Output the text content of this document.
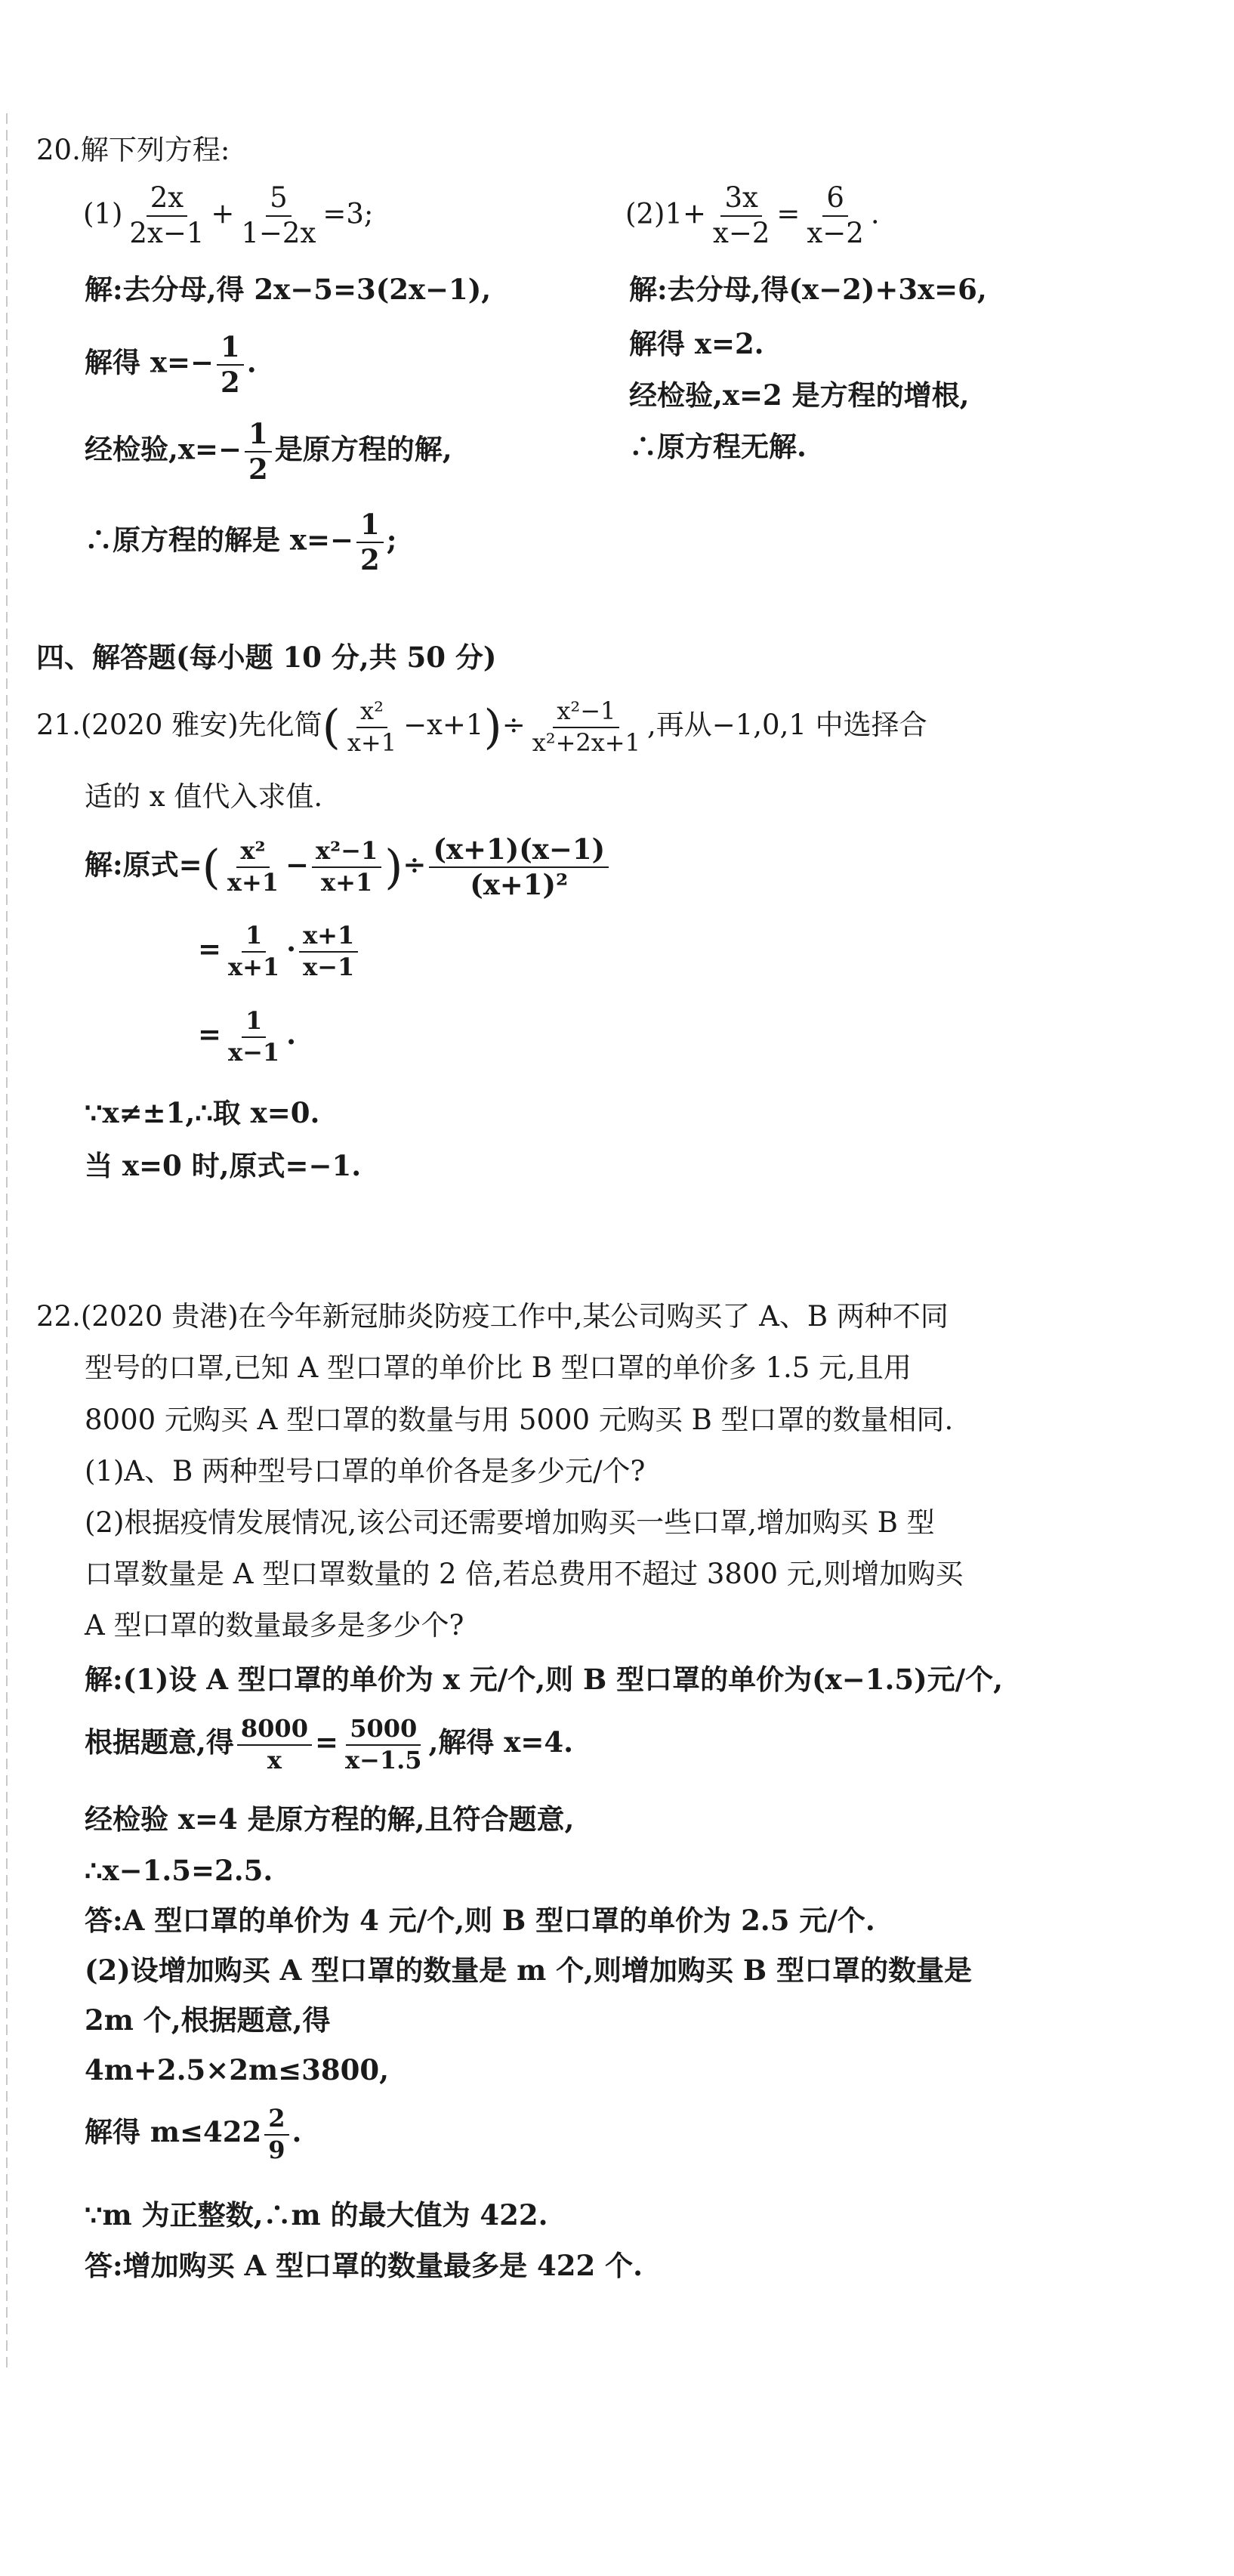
20.解下列方程:
$(1) \frac{2x}{2x-1} + \frac{5}{1-2x} =3$;	$(2)1+ \frac{3x}{x-2} = \frac{6}{x-2}$ .
解:去分母,得 2x−5=3(2x−1),
解得 $x=- \frac{1}{2}$ .
经检验$,x=- \frac{1}{2}$ 是原方程的解,
∴原方程的解是 $x=- \frac{1}{2}$ ;
解:去分母,得(x−2)+3x=6,
解得 x=2.
经检验,x=2 是方程的增根,
∴原方程无解.
四、解答题(每小题 10 分,共 50 分)
21.(2020 雅安)先化简( $\frac{\text{x²}}{x+1} -x+1)\div \frac{\text{x²−1}}{\text{x²+2x+1}}$ ,再从−1,0,1 中选择合
适的 x 值代入求值.
解:原式=( $\frac{\text{x²}}{x+1} - \frac{\text{x²−1}}{x+1}$ )÷ $\frac{(x+1)(x-1)}{\text{(x+1)²}}$
= $\frac{1}{x+1} \cdot \frac{x+1}{x-1}$
= $\frac{1}{x-1}$ .
∵x≠±1,∴取 x=0.
当 x=0 时,原式=−1.
22.(2020 贵港)在今年新冠肺炎防疫工作中,某公司购买了 A、B 两种不同
型号的口罩,已知 A 型口罩的单价比 B 型口罩的单价多 1.5 元,且用
8000 元购买 A 型口罩的数量与用 5000 元购买 B 型口罩的数量相同.
(1)A、B 两种型号口罩的单价各是多少元/个?
(2)根据疫情发展情况,该公司还需要增加购买一些口罩,增加购买 B 型
口罩数量是 A 型口罩数量的 2 倍,若总费用不超过 3800 元,则增加购买
A 型口罩的数量最多是多少个?
解:(1)设 A 型口罩的单价为 x 元/个,则 B 型口罩的单价为(x−1.5)元/个,
根据题意,得 $\frac{8000}{x} = \frac{5000}{x-1.5}$ ,解得 x=4.
经检验 x=4 是原方程的解,且符合题意,
∴x−1.5=2.5.
答:A 型口罩的单价为 4 元/个,则 B 型口罩的单价为 2.5 元/个.
(2)设增加购买 A 型口罩的数量是 m 个,则增加购买 B 型口罩的数量是
2m 个,根据题意,得
4m+2.5×2m≤3800,
解得 $m\le 422 \frac{2}{9}$ .
∵m 为正整数,∴m 的最大值为 422.
答:增加购买 A 型口罩的数量最多是 422 个.
